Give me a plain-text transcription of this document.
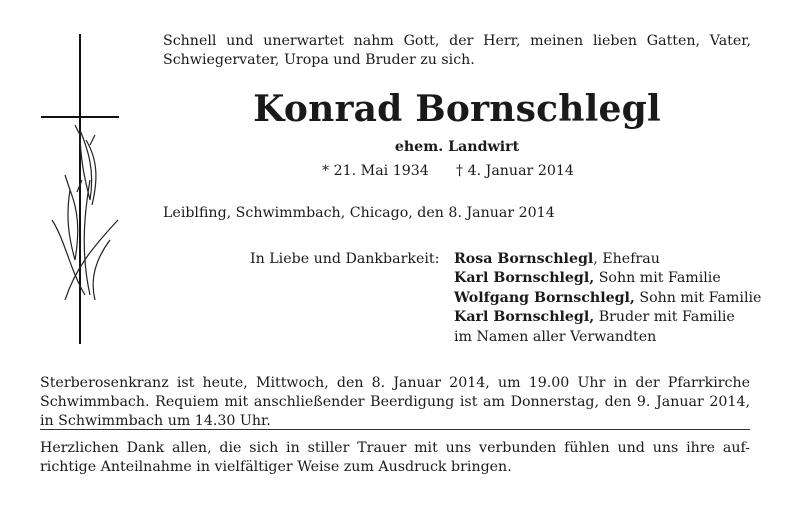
Schnell und unerwartet nahm Gott, der Herr, meinen lieben Gatten, Vater,
Schwiegervater, Uropa und Bruder zu sich.
Konrad Bornschlegl
ehem. Landwirt
* 21. Mai 1934 † 4. Januar 2014
Leiblfing, Schwimmbach, Chicago, den 8. Januar 2014
In Liebe und Dankbarkeit: Rosa Bornschlegl, Ehefrau
Karl Bornschlegl, Sohn mit Familie
Wolfgang Bornschlegl, Sohn mit Familie
Karl Bornschlegl, Bruder mit Familie
im Namen aller Verwandten
Sterberosenkranz ist heute, Mittwoch, den 8. Januar 2014, um 19.00 Uhr in der Pfarrkirche
Schwimmbach. Requiem mit anschließender Beerdigung ist am Donnerstag, den 9. Januar 2014,
in Schwimmbach um 14.30 Uhr.
Herzlichen Dank allen, die sich in stiller Trauer mit uns verbunden fühlen und uns ihre auf-
richtige Anteilnahme in vielfältiger Weise zum Ausdruck bringen.
